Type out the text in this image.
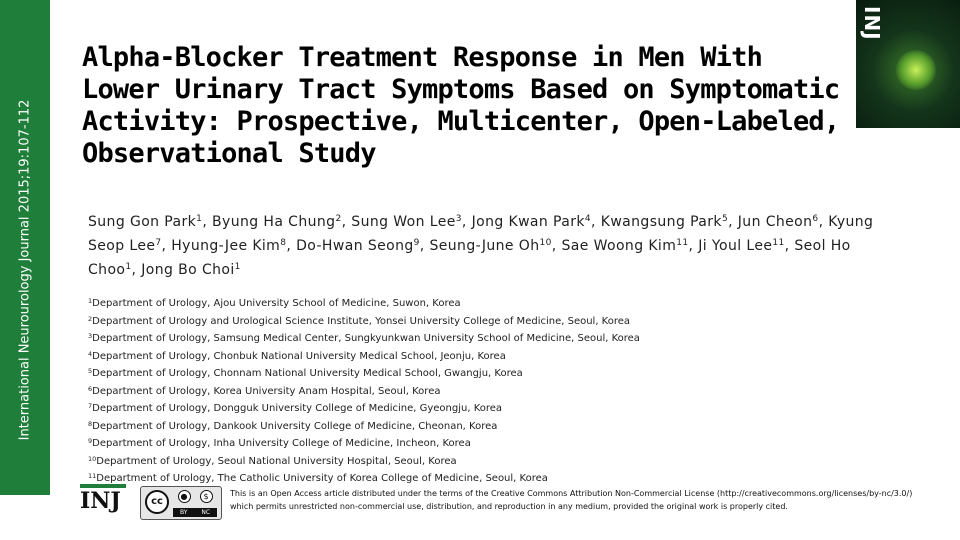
International Neurourology Journal 2015;19:107-112
Alpha-Blocker Treatment Response in Men With Lower Urinary Tract Symptoms Based on Symptomatic Activity: Prospective, Multicenter, Open-Labeled, Observational Study
INJ
Sung Gon Park$^1$, Byung Ha Chung$^2$, Sung Won Lee$^3$, Jong Kwan Park$^4$, Kwangsung Park$^5$, Jun Cheon$^6$, Kyung Seop Lee$^7$, Hyung-Jee Kim$^8$, Do-Hwan Seong$^9$, Seung-June Oh$^{10}$, Sae Woong Kim$^{11}$, Ji Youl Lee$^{11}$, Seol Ho Choo$^1$, Jong Bo Choi$^1$
$^1$Department of Urology, Ajou University School of Medicine, Suwon, Korea
$^2$Department of Urology and Urological Science Institute, Yonsei University College of Medicine, Seoul, Korea
$^3$Department of Urology, Samsung Medical Center, Sungkyunkwan University School of Medicine, Seoul, Korea
$^4$Department of Urology, Chonbuk National University Medical School, Jeonju, Korea
$^5$Department of Urology, Chonnam National University Medical School, Gwangju, Korea
$^6$Department of Urology, Korea University Anam Hospital, Seoul, Korea
$^7$Department of Urology, Dongguk University College of Medicine, Gyeongju, Korea
$^8$Department of Urology, Dankook University College of Medicine, Cheonan, Korea
$^9$Department of Urology, Inha University College of Medicine, Incheon, Korea
$^{10}$Department of Urology, Seoul National University Hospital, Seoul, Korea
$^{11}$Department of Urology, The Catholic University of Korea College of Medicine, Seoul, Korea
INJ	cc	●	$
BY NC
This is an Open Access article distributed under the terms of the Creative Commons Attribution Non-Commercial License (http://creativecommons.org/licenses/by-nc/3.0/) which permits unrestricted non-commercial use, distribution, and reproduction in any medium, provided the original work is properly cited.
